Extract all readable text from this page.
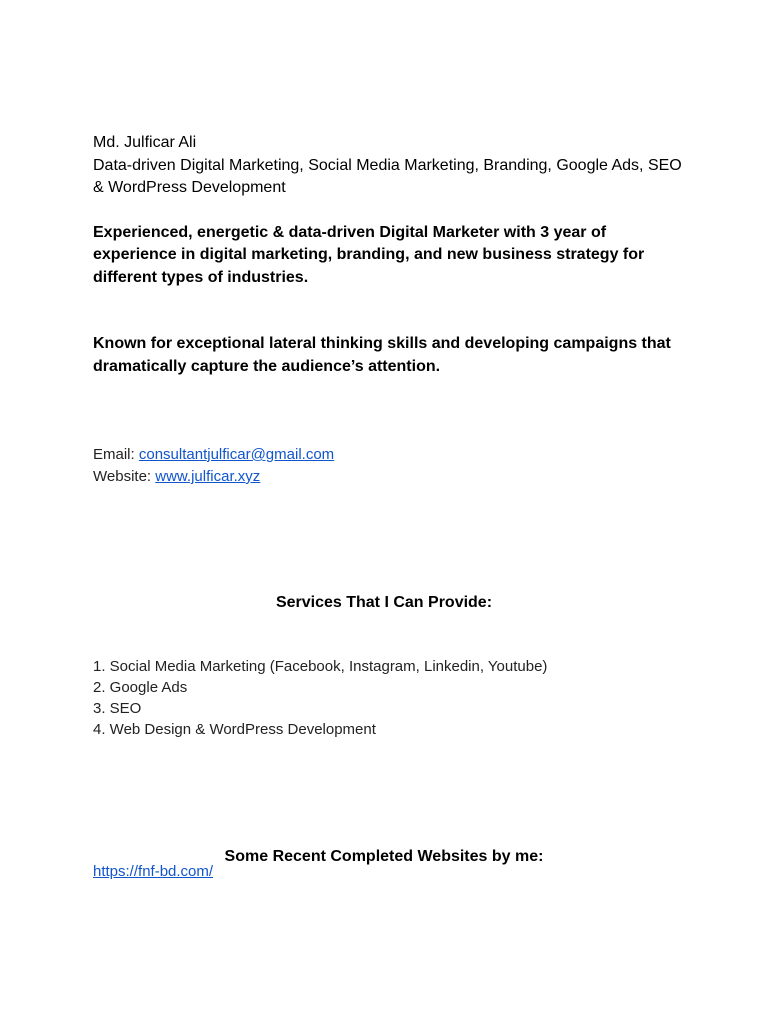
Md. Julficar Ali

Data-driven Digital Marketing, Social Media Marketing, Branding, Google Ads, SEO & WordPress Development

Experienced, energetic & data-driven Digital Marketer with 3 year of experience in digital marketing, branding, and new business strategy for different types of industries.

Known for exceptional lateral thinking skills and developing campaigns that dramatically capture the audience’s attention.

Email: consultantjulficar@gmail.com

Website: www.julficar.xyz

Services That I Can Provide:

1. Social Media Marketing (Facebook, Instagram, Linkedin, Youtube)
2. Google Ads
3. SEO
4. Web Design & WordPress Development

Some Recent Completed Websites by me:

https://fnf-bd.com/
